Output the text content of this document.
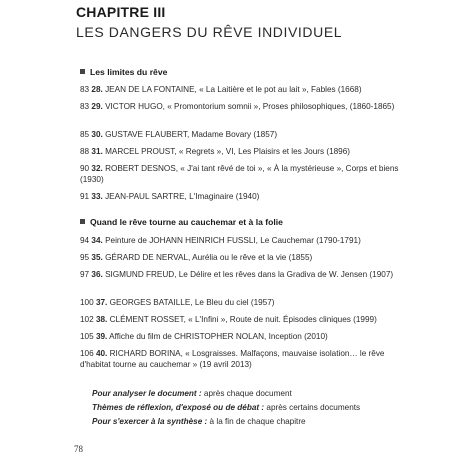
CHAPITRE III
LES DANGERS DU RÊVE INDIVIDUEL
Les limites du rêve
83 28. JEAN DE LA FONTAINE, « La Laitière et le pot au lait », Fables (1668)
83 29. VICTOR HUGO, « Promontorium somnii », Proses philosophiques, (1860-1865)
85 30. GUSTAVE FLAUBERT, Madame Bovary (1857)
88 31. MARCEL PROUST, « Regrets », VI, Les Plaisirs et les Jours (1896)
90 32. ROBERT DESNOS, « J'ai tant rêvé de toi », « À la mystérieuse », Corps et biens (1930)
91 33. JEAN-PAUL SARTRE, L'Imaginaire (1940)
Quand le rêve tourne au cauchemar et à la folie
94 34. Peinture de JOHANN HEINRICH FUSSLI, Le Cauchemar (1790-1791)
95 35. GÉRARD DE NERVAL, Aurélia ou le rêve et la vie (1855)
97 36. SIGMUND FREUD, Le Délire et les rêves dans la Gradiva de W. Jensen (1907)
100 37. GEORGES BATAILLE, Le Bleu du ciel (1957)
102 38. CLÉMENT ROSSET, « L'Infini », Route de nuit. Épisodes cliniques (1999)
105 39. Affiche du film de CHRISTOPHER NOLAN, Inception (2010)
106 40. RICHARD BORINA, « Losgraisses. Malfaçons, mauvaise isolation… le rêve d'habitat tourne au cauchemar » (19 avril 2013)
Pour analyser le document : après chaque document
Thèmes de réflexion, d'exposé ou de débat : après certains documents
Pour s'exercer à la synthèse : à la fin de chaque chapitre
78
